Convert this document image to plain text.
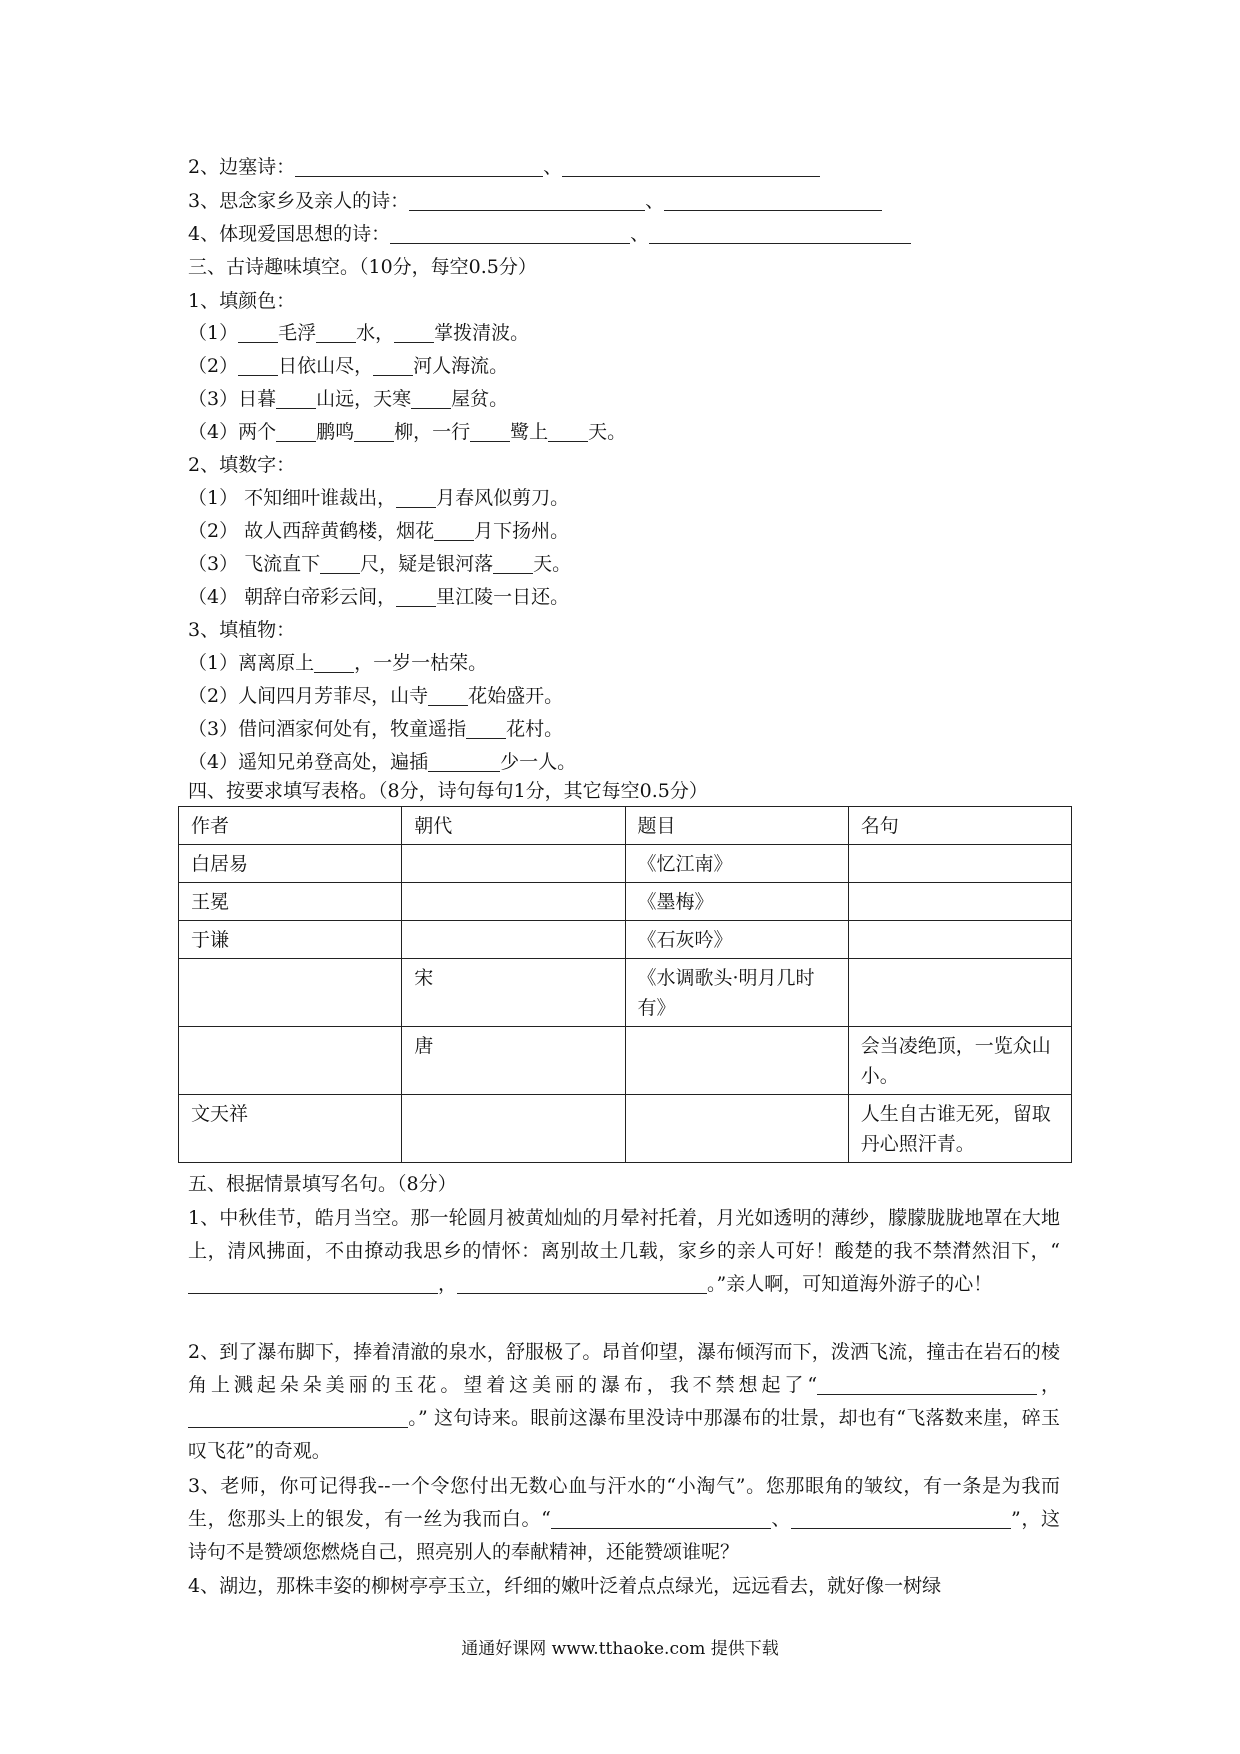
2、边塞诗：	、
3、思念家乡及亲人的诗：	、
4、体现爱国思想的诗：	、
三、古诗趣味填空。（10分，每空0.5分）
1、填颜色：
（1） 毛浮 水， 掌拨清波。
（2） 日依山尽， 河人海流。
（3）日暮 山远，天寒 屋贫。
（4）两个 鹏鸣 柳，一行 鹭上 天。
2、填数字：
（1） 不知细叶谁裁出， 月春风似剪刀。
（2） 故人西辞黄鹤楼，烟花 月下扬州。
（3） 飞流直下 尺，疑是银河落 天。
（4） 朝辞白帝彩云间， 里江陵一日还。
3、填植物：
（1）离离原上 ，一岁一枯荣。
（2）人间四月芳菲尽，山寺 花始盛开。
（3）借问酒家何处有，牧童遥指 花村。
（4）遥知兄弟登高处，遍插	少一人。
四、按要求填写表格。（8分，诗句每句1分，其它每空0.5分）
作者	朝代	题目	名句
白居易		《忆江南》	
王冕		《墨梅》	
于谦		《石灰吟》	
	宋	《水调歌头·明月几时有》	
	唐		会当凌绝顶，一览众山小。
文天祥			人生自古谁无死，留取丹心照汗青。
五、根据情景填写名句。（8分）
1、中秋佳节，皓月当空。那一轮圆月被黄灿灿的月晕衬托着，月光如透明的薄纱，朦朦胧胧地罩在大地上，清风拂面，不由撩动我思乡的情怀：离别故土几载，家乡的亲人可好！酸楚的我不禁潸然泪下，“，	。”亲人啊，可知道海外游子的心！
2、到了瀑布脚下，捧着清澈的泉水，舒服极了。昂首仰望，瀑布倾泻而下，泼洒飞流，撞击在岩石的棱角上溅起朵朵美丽的玉花。望着这美丽的瀑布，我不禁想起了“	，。” 这句诗来。眼前这瀑布里没诗中那瀑布的壮景，却也有“飞落数来崖，碎玉叹飞花”的奇观。
3、老师，你可记得我--一个令您付出无数心血与汗水的“小淘气”。您那眼角的皱纹，有一条是为我而生，您那头上的银发，有一丝为我而白。“	、	”，这诗句不是赞颂您燃烧自己，照亮别人的奉献精神，还能赞颂谁呢？
4、湖边，那株丰姿的柳树亭亭玉立，纤细的嫩叶泛着点点绿光，远远看去，就好像一树绿
通通好课网 www.tthaoke.com 提供下载
